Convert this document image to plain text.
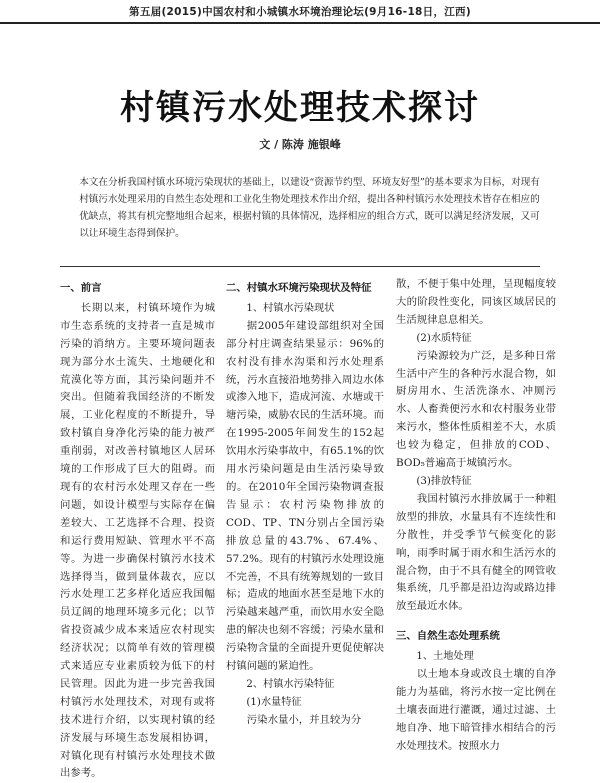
第五届(2015)中国农村和小城镇水环境治理论坛(9月16-18日，江西)
村镇污水处理技术探讨
文 / 陈涛 施银峰
本文在分析我国村镇水环境污染现状的基础上，以建设“资源节约型、环境友好型”的基本要求为目标，对现有村镇污水处理采用的自然生态处理和工业化生物处理技术作出介绍，提出各种村镇污水处理技术皆存在相应的优缺点，将其有机完整地组合起来，根据村镇的具体情况，选择相应的组合方式，既可以满足经济发展，又可以让环境生态得到保护。
一、前言

长期以来，村镇环境作为城市生态系统的支持者一直是城市污染的消纳方。主要环境问题表现为部分水土流失、土地硬化和荒漠化等方面，其污染问题并不突出。但随着我国经济的不断发展，工业化程度的不断提升，导致村镇自身净化污染的能力被严重削弱，对改善村镇地区人居环境的工作形成了巨大的阻碍。而现有的农村污水处理又存在一些问题，如设计模型与实际存在偏差较大、工艺选择不合理、投资和运行费用短缺、管理水平不高等。为进一步确保村镇污水技术选择得当，做到量体裁衣，应以污水处理工艺多样化适应我国幅员辽阔的地理环境多元化；以节省投资减少成本来适应农村现实经济状况；以简单有效的管理模式来适应专业素质较为低下的村民管理。因此为进一步完善我国村镇污水处理技术，对现有或将技术进行介绍，以实现村镇的经济发展与环境生态发展相协调，对镇化现有村镇污水处理技术做出参考。

二、村镇水环境污染现状及特征

1、村镇水污染现状

据2005年建设部组织对全国部分村庄调查结果显示：96%的农村没有排水沟渠和污水处理系统，污水直接沿地势排入周边水体或渗入地下，造成河流、水塘或干塘污染，威胁农民的生活环境。而在1995-2005年间发生的152起饮用水污染事故中，有65.1%的饮用水污染问题是由生活污染导致的。在2010年全国污染物调查报告显示：农村污染物排放的COD、TP、TN分别占全国污染排放总量的43.7%、67.4%、57.2%。现有的村镇污水处理设施不完善，不具有统筹规划的一致目标；造成的地面水甚至是地下水的污染越来越严重，而饮用水安全隐患的解决也刻不容缓；污染水量和污染物含量的全面提升更促使解决村镇问题的紧迫性。

2、村镇水污染特征

(1)水量特征

污染水量小，并且较为分

散，不便于集中处理，呈现幅度较大的阶段性变化，同该区域居民的生活规律息息相关。

(2)水质特征

污染源较为广泛，是多种日常生活中产生的各种污水混合物，如厨房用水、生活洗涤水、冲厕污水、人畜粪便污水和农村服务业带来污水，整体性质相差不大，水质也较为稳定，但排放的COD、BOD₅普遍高于城镇污水。

(3)排放特征

我国村镇污水排放属于一种粗放型的排放，水量具有不连续性和分散性，并受季节气候变化的影响，雨季时属于雨水和生活污水的混合物，由于不具有健全的网管收集系统，几乎都是沿边沟或路边排放至最近水体。

三、自然生态处理系统

1、土地处理

以土地本身或改良土壤的自净能力为基础，将污水按一定比例在土壤表面进行灌溉，通过过滤、土地自净、地下暗管排水相结合的污水处理技术。按照水力
